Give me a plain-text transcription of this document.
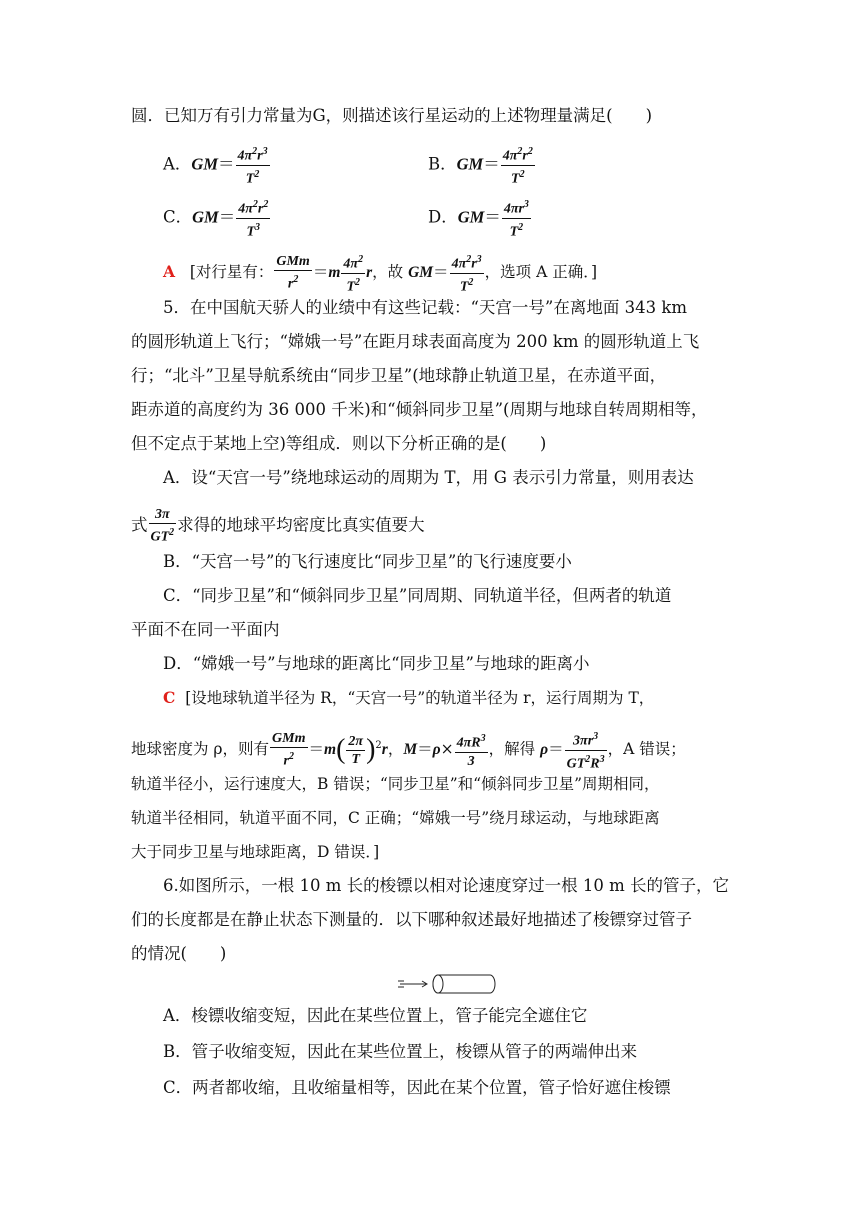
圆．已知万有引力常量为G，则描述该行星运动的上述物理量满足(　　)
A．$GM= \frac{4\pi^2r^3}{T^2}$	B．$GM= \frac{4\pi^2r^2}{T^2}$
C．$GM= \frac{4\pi^2r^2}{T^3}$	D．$GM= \frac{4\pi r^3}{T^2}$
A [对行星有： $\frac{\text{GMm}}{r^2} =m \frac{4\pi^2}{T^2}$ r，故 $GM= \frac{4\pi^2r^3}{T^2}$ ，选项 A 正确．]
5．在中国航天骄人的业绩中有这些记载：“天宫一号”在离地面 343 km
的圆形轨道上飞行；“嫦娥一号”在距月球表面高度为 200 km 的圆形轨道上飞
行；“北斗”卫星导航系统由“同步卫星”(地球静止轨道卫星，在赤道平面，
距赤道的高度约为 36 000 千米)和“倾斜同步卫星”(周期与地球自转周期相等，
但不定点于某地上空)等组成．则以下分析正确的是(　　)
A．设“天宫一号”绕地球运动的周期为 T，用 G 表示引力常量，则用表达
式 $\frac{3\pi}{GT^2}$ 求得的地球平均密度比真实值要大
B．“天宫一号”的飞行速度比“同步卫星”的飞行速度要小
C．“同步卫星”和“倾斜同步卫星”同周期、同轨道半径，但两者的轨道
平面不在同一平面内
D．“嫦娥一号”与地球的距离比“同步卫星”与地球的距离小
C [设地球轨道半径为 R，“天宫一号”的轨道半径为 r，运行周期为 T，
地球密度为 ρ，则有 $\frac{\text{GMm}}{r^2} =m( \frac{2\pi}{T} )^2r$，$M=\rho\times \frac{4\pi R^3}{3}$ ，解得 $\rho= \frac{3\pi r^3}{GT^2R^3}$ ，A 错误；
轨道半径小，运行速度大，B 错误；“同步卫星”和“倾斜同步卫星”周期相同，
轨道半径相同，轨道平面不同，C 正确；“嫦娥一号”绕月球运动，与地球距离
大于同步卫星与地球距离，D 错误．]
6.如图所示，一根 10 m 长的梭镖以相对论速度穿过一根 10 m 长的管子，它
们的长度都是在静止状态下测量的．以下哪种叙述最好地描述了梭镖穿过管子
的情况(　　)
A．梭镖收缩变短，因此在某些位置上，管子能完全遮住它
B．管子收缩变短，因此在某些位置上，梭镖从管子的两端伸出来
C．两者都收缩，且收缩量相等，因此在某个位置，管子恰好遮住梭镖
